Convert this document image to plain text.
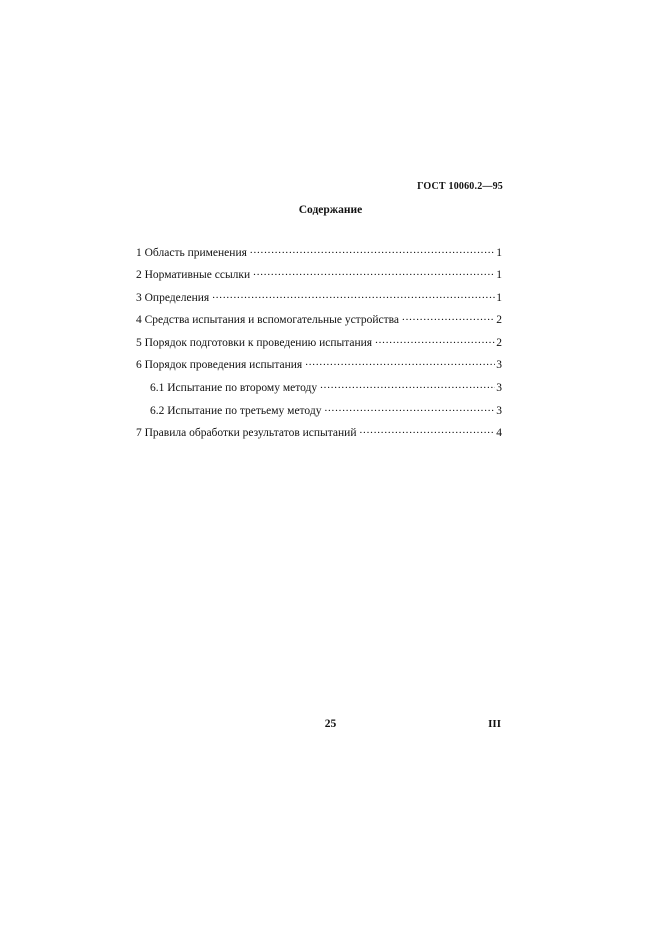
ГОСТ 10060.2—95
Содержание
1 Область применения .....	1
2 Нормативные ссылки .....	1
3 Определения .....	1
4 Средства испытания и вспомогательные устройства .....	2
5 Порядок подготовки к проведению испытания .....	2
6 Порядок проведения испытания .....	3
6.1 Испытание по второму методу .....	3
6.2 Испытание по третьему методу .....	3
7 Правила обработки результатов испытаний .....	4
25	III
